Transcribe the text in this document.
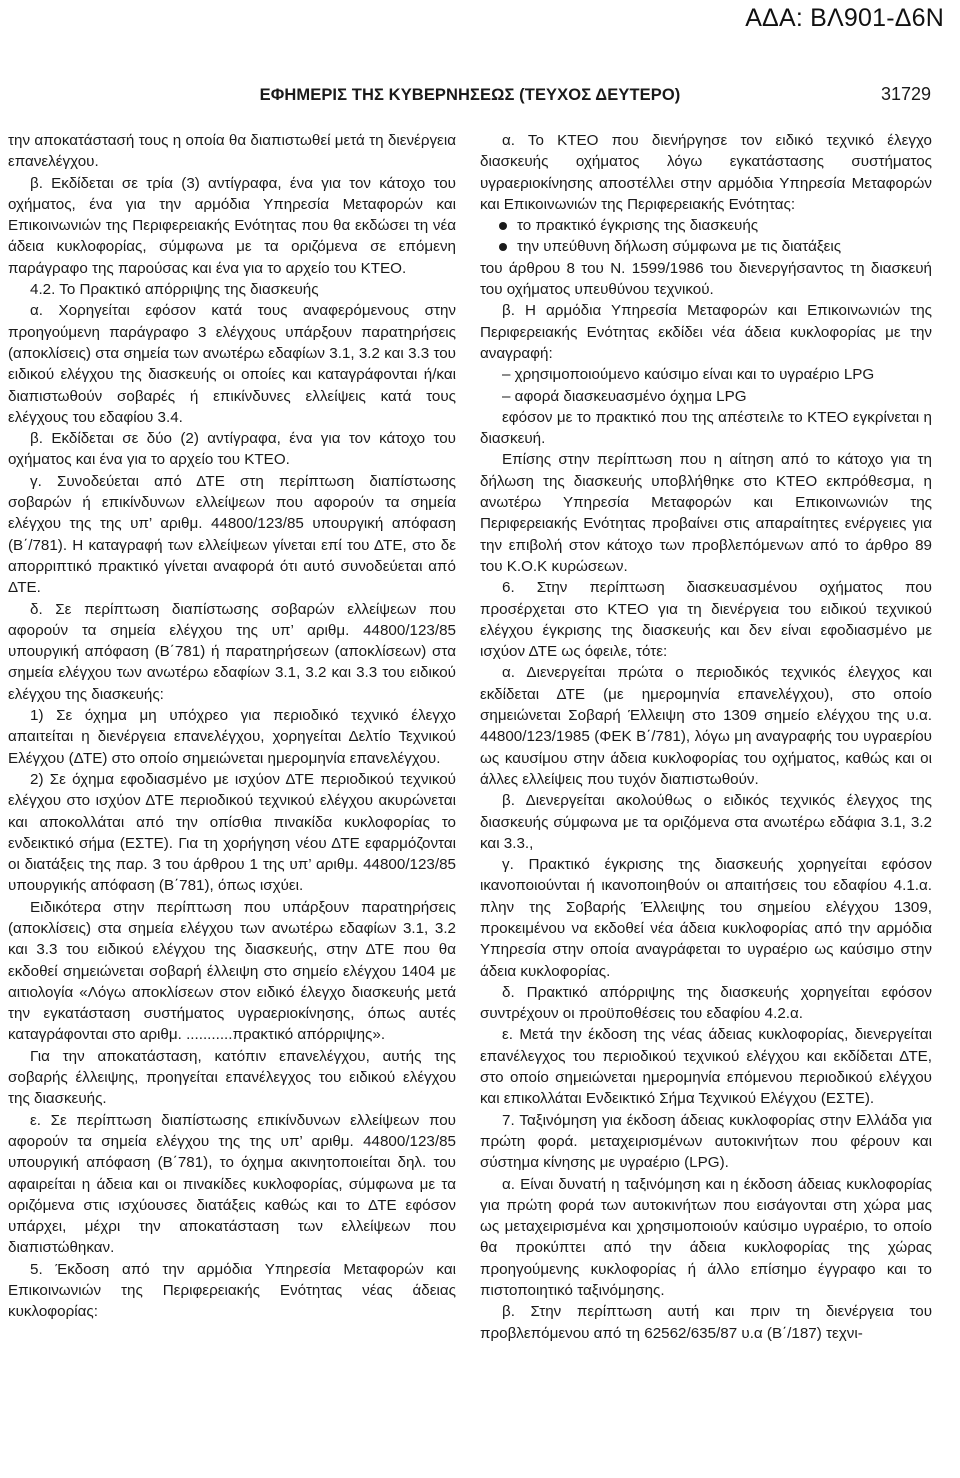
ΑΔΑ: ΒΛ901-Δ6Ν
ΕΦΗΜΕΡΙΣ ΤΗΣ ΚΥΒΕΡΝΗΣΕΩΣ (ΤΕΥΧΟΣ ΔΕΥΤΕΡΟ)	31729

την αποκατάστασή τους η οποία θα διαπιστωθεί μετά τη διενέργεια επανελέγχου.

β. Εκδίδεται σε τρία (3) αντίγραφα, ένα για τον κάτοχο του οχήματος, ένα για την αρμόδια Υπηρεσία Μεταφορών και Επικοινωνιών της Περιφερειακής Ενότητας που θα εκδώσει τη νέα άδεια κυκλοφορίας, σύμφωνα με τα οριζόμενα σε επόμενη παράγραφο της παρούσας και ένα για το αρχείο του ΚΤΕΟ.

4.2. Το Πρακτικό απόρριψης της διασκευής

α. Χορηγείται εφόσον κατά τους αναφερόμενους στην προηγούμενη παράγραφο 3 ελέγχους υπάρξουν παρατηρήσεις (αποκλίσεις) στα σημεία των ανωτέρω εδαφίων 3.1, 3.2 και 3.3 του ειδικού ελέγχου της διασκευής οι οποίες και καταγράφονται ή/και διαπιστωθούν σοβαρές ή επικίνδυνες ελλείψεις κατά τους ελέγχους του εδαφίου 3.4.

β. Εκδίδεται σε δύο (2) αντίγραφα, ένα για τον κάτοχο του οχήματος και ένα για το αρχείο του ΚΤΕΟ.

γ. Συνοδεύεται από ΔΤΕ στη περίπτωση διαπίστωσης σοβαρών ή επικίνδυνων ελλείψεων που αφορούν τα σημεία ελέγχου της της υπ’ αριθμ. 44800/123/85 υπουργική απόφαση (Β΄/781). Η καταγραφή των ελλείψεων γίνεται επί του ΔΤΕ, στο δε απορριπτικό πρακτικό γίνεται αναφορά ότι αυτό συνοδεύεται από ΔΤΕ.

δ. Σε περίπτωση διαπίστωσης σοβαρών ελλείψεων που αφορούν τα σημεία ελέγχου της υπ’ αριθμ. 44800/123/85 υπουργική απόφαση (Β΄781) ή παρατηρήσεων (αποκλίσεων) στα σημεία ελέγχου των ανωτέρω εδαφίων 3.1, 3.2 και 3.3 του ειδικού ελέγχου της διασκευής:

1) Σε όχημα μη υπόχρεο για περιοδικό τεχνικό έλεγχο απαιτείται η διενέργεια επανελέγχου, χορηγείται Δελτίο Τεχνικού Ελέγχου (ΔΤΕ) στο οποίο σημειώνεται ημερομηνία επανελέγχου.

2) Σε όχημα εφοδιασμένο με ισχύον ΔΤΕ περιοδικού τεχνικού ελέγχου στο ισχύον ΔΤΕ περιοδικού τεχνικού ελέγχου ακυρώνεται και αποκολλάται από την οπίσθια πινακίδα κυκλοφορίας το ενδεικτικό σήμα (ΕΣΤΕ). Για τη χορήγηση νέου ΔΤΕ εφαρμόζονται οι διατάξεις της παρ. 3 του άρθρου 1 της υπ’ αριθμ. 44800/123/85 υπουργικής απόφαση (Β΄781), όπως ισχύει.

Ειδικότερα στην περίπτωση που υπάρξουν παρατηρήσεις (αποκλίσεις) στα σημεία ελέγχου των ανωτέρω εδαφίων 3.1, 3.2 και 3.3 του ειδικού ελέγχου της διασκευής, στην ΔΤΕ που θα εκδοθεί σημειώνεται σοβαρή έλλειψη στο σημείο ελέγχου 1404 με αιτιολογία «Λόγω αποκλίσεων στον ειδικό έλεγχο διασκευής μετά την εγκατάσταση συστήματος υγραεριοκίνησης, όπως αυτές καταγράφονται στο αριθμ. ...........πρακτικό απόρριψης».

Για την αποκατάσταση, κατόπιν επανελέγχου, αυτής της σοβαρής έλλειψης, προηγείται επανέλεγχος του ειδικού ελέγχου της διασκευής.

ε. Σε περίπτωση διαπίστωσης επικίνδυνων ελλείψεων που αφορούν τα σημεία ελέγχου της της υπ’ αριθμ. 44800/123/85 υπουργική απόφαση (Β΄781), το όχημα ακινητοποιείται δηλ. του αφαιρείται η άδεια και οι πινακίδες κυκλοφορίας, σύμφωνα με τα οριζόμενα στις ισχύουσες διατάξεις καθώς και το ΔΤΕ εφόσον υπάρχει, μέχρι την αποκατάσταση των ελλείψεων που διαπιστώθηκαν.

5. Έκδοση από την αρμόδια Υπηρεσία Μεταφορών και Επικοινωνιών της Περιφερειακής Ενότητας νέας άδειας κυκλοφορίας:

α. Το ΚΤΕΟ που διενήργησε τον ειδικό τεχνικό έλεγχο διασκευής οχήματος λόγω εγκατάστασης συστήματος υγραεριοκίνησης αποστέλλει στην αρμόδια Υπηρεσία Μεταφορών και Επικοινωνιών της Περιφερειακής Ενότητας:

το πρακτικό έγκρισης της διασκευής

την υπεύθυνη δήλωση σύμφωνα με τις διατάξεις

του άρθρου 8 του Ν. 1599/1986 του διενεργήσαντος τη διασκευή του οχήματος υπευθύνου τεχνικού.

β. Η αρμόδια Υπηρεσία Μεταφορών και Επικοινωνιών της Περιφερειακής Ενότητας εκδίδει νέα άδεια κυκλοφορίας με την αναγραφή:

– χρησιμοποιούμενο καύσιμο είναι και το υγραέριο LPG

– αφορά διασκευασμένο όχημα LPG

εφόσον με το πρακτικό που της απέστειλε το ΚΤΕΟ εγκρίνεται η διασκευή.

Επίσης στην περίπτωση που η αίτηση από το κάτοχο για τη δήλωση της διασκευής υποβλήθηκε στο ΚΤΕΟ εκπρόθεσμα, η ανωτέρω Υπηρεσία Μεταφορών και Επικοινωνιών της Περιφερειακής Ενότητας προβαίνει στις απαραίτητες ενέργειες για την επιβολή στον κάτοχο των προβλεπόμενων από το άρθρο 89 του Κ.Ο.Κ κυρώσεων.

6. Στην περίπτωση διασκευασμένου οχήματος που προσέρχεται στο ΚΤΕΟ για τη διενέργεια του ειδικού τεχνικού ελέγχου έγκρισης της διασκευής και δεν είναι εφοδιασμένο με ισχύον ΔΤΕ ως όφειλε, τότε:

α. Διενεργείται πρώτα ο περιοδικός τεχνικός έλεγχος και εκδίδεται ΔΤΕ (με ημερομηνία επανελέγχου), στο οποίο σημειώνεται Σοβαρή Έλλειψη στο 1309 σημείο ελέγχου της υ.α. 44800/123/1985 (ΦΕΚ Β΄/781), λόγω μη αναγραφής του υγραερίου ως καυσίμου στην άδεια κυκλοφορίας του οχήματος, καθώς και οι άλλες ελλείψεις που τυχόν διαπιστωθούν.

β. Διενεργείται ακολούθως ο ειδικός τεχνικός έλεγχος της διασκευής σύμφωνα με τα οριζόμενα στα ανωτέρω εδάφια 3.1, 3.2 και 3.3.,

γ. Πρακτικό έγκρισης της διασκευής χορηγείται εφόσον ικανοποιούνται ή ικανοποιηθούν οι απαιτήσεις του εδαφίου 4.1.α. πλην της Σοβαρής Έλλειψης του σημείου ελέγχου 1309, προκειμένου να εκδοθεί νέα άδεια κυκλοφορίας από την αρμόδια Υπηρεσία στην οποία αναγράφεται το υγραέριο ως καύσιμο στην άδεια κυκλοφορίας.

δ. Πρακτικό απόρριψης της διασκευής χορηγείται εφόσον συντρέχουν οι προϋποθέσεις του εδαφίου 4.2.α.

ε. Μετά την έκδοση της νέας άδειας κυκλοφορίας, διενεργείται επανέλεγχος του περιοδικού τεχνικού ελέγχου και εκδίδεται ΔΤΕ, στο οποίο σημειώνεται ημερομηνία επόμενου περιοδικού ελέγχου και επικολλάται Ενδεικτικό Σήμα Τεχνικού Ελέγχου (ΕΣΤΕ).

7. Ταξινόμηση για έκδοση άδειας κυκλοφορίας στην Ελλάδα για πρώτη φορά. μεταχειρισμένων αυτοκινήτων που φέρουν και σύστημα κίνησης με υγραέριο (LPG).

α. Είναι δυνατή η ταξινόμηση και η έκδοση άδειας κυκλοφορίας για πρώτη φορά των αυτοκινήτων που εισάγονται στη χώρα μας ως μεταχειρισμένα και χρησιμοποιούν καύσιμο υγραέριο, το οποίο θα προκύπτει από την άδεια κυκλοφορίας της χώρας προηγούμενης κυκλοφορίας ή άλλο επίσημο έγγραφο και το πιστοποιητικό ταξινόμησης.

β. Στην περίπτωση αυτή και πριν τη διενέργεια του προβλεπόμενου από τη 62562/635/87 υ.α (Β΄/187) τεχνι-
